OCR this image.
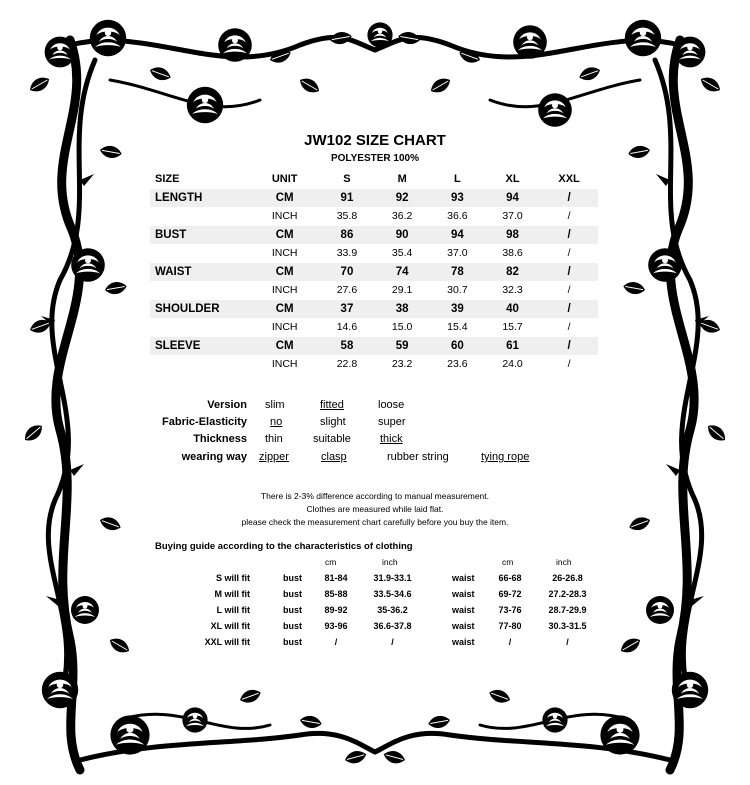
JW102 SIZE CHART
POLYESTER 100%
SIZE	UNIT	S	M	L	XL	XXL
LENGTH	CM	91	92	93	94	/
	INCH	35.8	36.2	36.6	37.0	/
BUST	CM	86	90	94	98	/
	INCH	33.9	35.4	37.0	38.6	/
WAIST	CM	70	74	78	82	/
	INCH	27.6	29.1	30.7	32.3	/
SHOULDER	CM	37	38	39	40	/
	INCH	14.6	15.0	15.4	15.7	/
SLEEVE	CM	58	59	60	61	/
	INCH	22.8	23.2	23.6	24.0	/
Version slim	fitted	loose
Fabric-Elasticity no	slight	super
Thickness thin	suitable	thick
wearing way zipper	clasp	rubber string	tying rope
There is 2-3% difference according to manual measurement.
Clothes are measured while laid flat.
please check the measurement chart carefully before you buy the item.
Buying guide according to the characteristics of clothing
cm	inch	cm	inch
S will fit	bust	81-84	31.9-33.1	waist	66-68	26-26.8
M will fit	bust	85-88	33.5-34.6	waist	69-72	27.2-28.3
L will fit	bust	89-92	35-36.2	waist	73-76	28.7-29.9
XL will fit	bust	93-96	36.6-37.8	waist	77-80	30.3-31.5
XXL will fit	bust	/	/	waist	/	/
